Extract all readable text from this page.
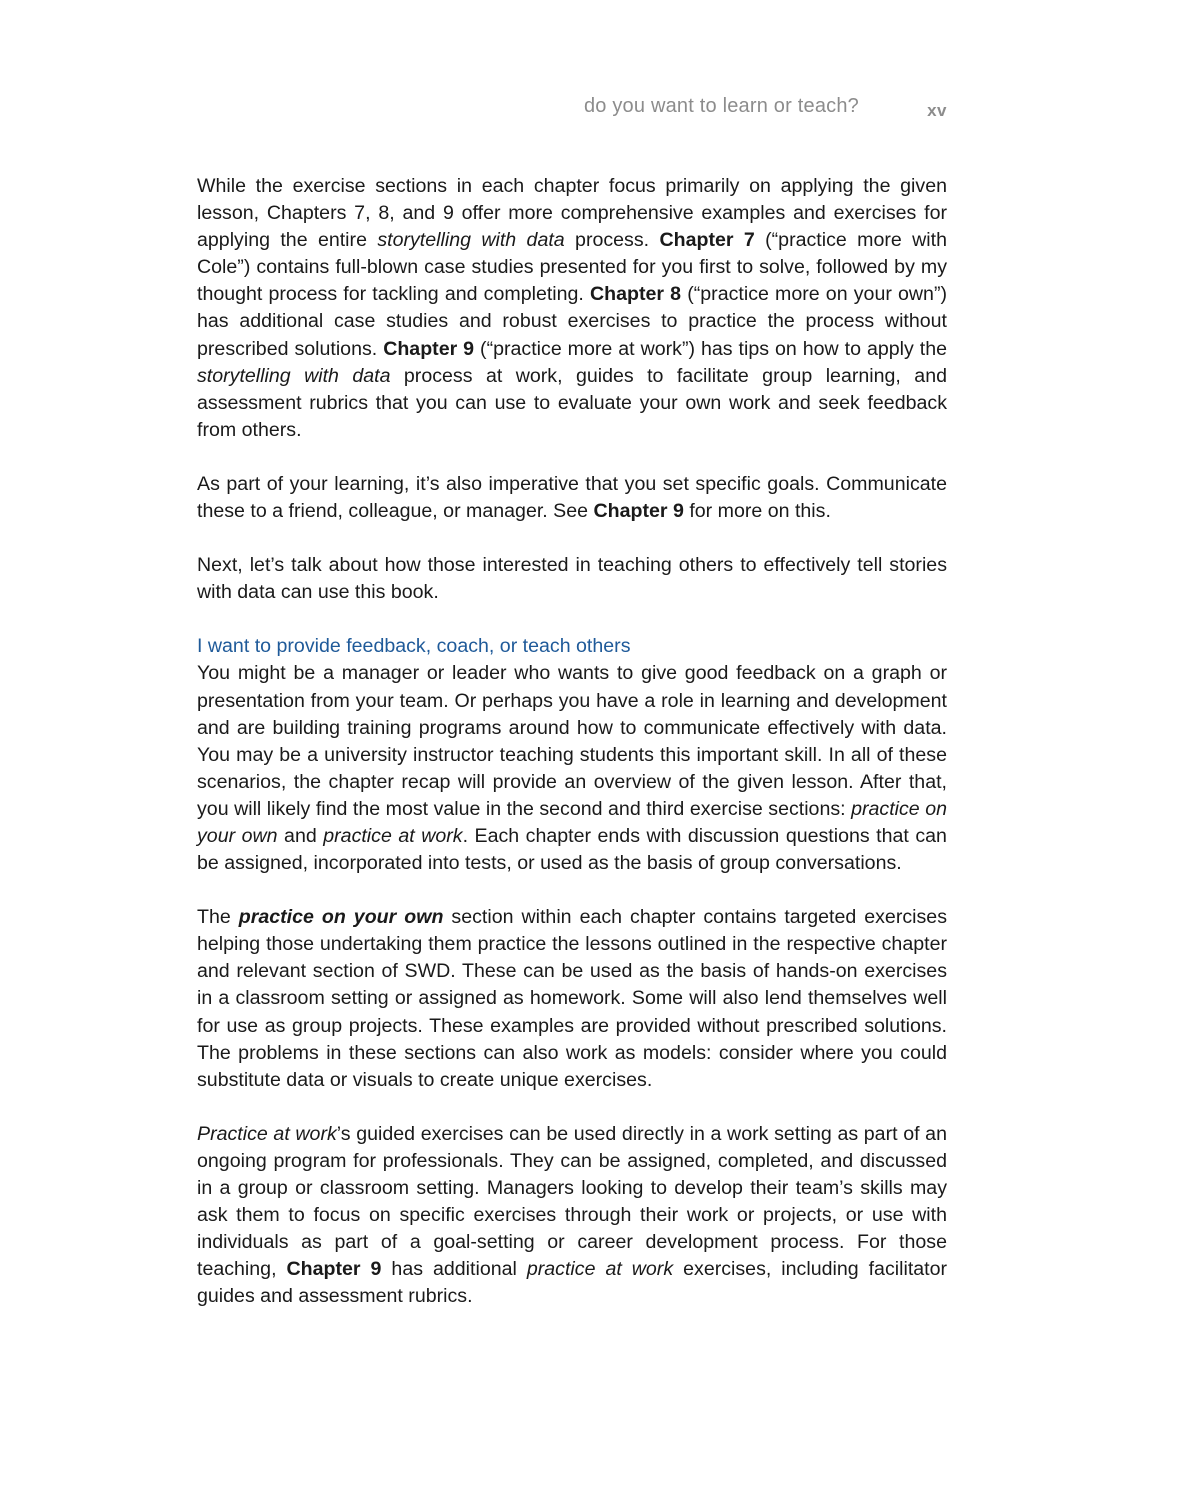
do you want to learn or teach?	xv

While the exercise sections in each chapter focus primarily on applying the given lesson, Chapters 7, 8, and 9 offer more comprehensive examples and exercises for applying the entire storytelling with data process. Chapter 7 (“practice more with Cole”) contains full-blown case studies presented for you first to solve, followed by my thought process for tackling and completing. Chapter 8 (“practice more on your own”) has additional case studies and robust exercises to practice the process without prescribed solutions. Chapter 9 (“practice more at work”) has tips on how to apply the storytelling with data process at work, guides to facilitate group learning, and assessment rubrics that you can use to evaluate your own work and seek feedback from others.

As part of your learning, it’s also imperative that you set specific goals. Communicate these to a friend, colleague, or manager. See Chapter 9 for more on this.

Next, let’s talk about how those interested in teaching others to effectively tell stories with data can use this book.

I want to provide feedback, coach, or teach others

You might be a manager or leader who wants to give good feedback on a graph or presentation from your team. Or perhaps you have a role in learning and development and are building training programs around how to communicate effectively with data. You may be a university instructor teaching students this important skill. In all of these scenarios, the chapter recap will provide an overview of the given lesson. After that, you will likely find the most value in the second and third exercise sections: practice on your own and practice at work. Each chapter ends with discussion questions that can be assigned, incorporated into tests, or used as the basis of group conversations.

The practice on your own section within each chapter contains targeted exercises helping those undertaking them practice the lessons outlined in the respective chapter and relevant section of SWD. These can be used as the basis of hands-on exercises in a classroom setting or assigned as homework. Some will also lend themselves well for use as group projects. These examples are provided without prescribed solutions. The problems in these sections can also work as models: consider where you could substitute data or visuals to create unique exercises.

Practice at work’s guided exercises can be used directly in a work setting as part of an ongoing program for professionals. They can be assigned, completed, and discussed in a group or classroom setting. Managers looking to develop their team’s skills may ask them to focus on specific exercises through their work or projects, or use with individuals as part of a goal-setting or career development process. For those teaching, Chapter 9 has additional practice at work exercises, including facilitator guides and assessment rubrics.
